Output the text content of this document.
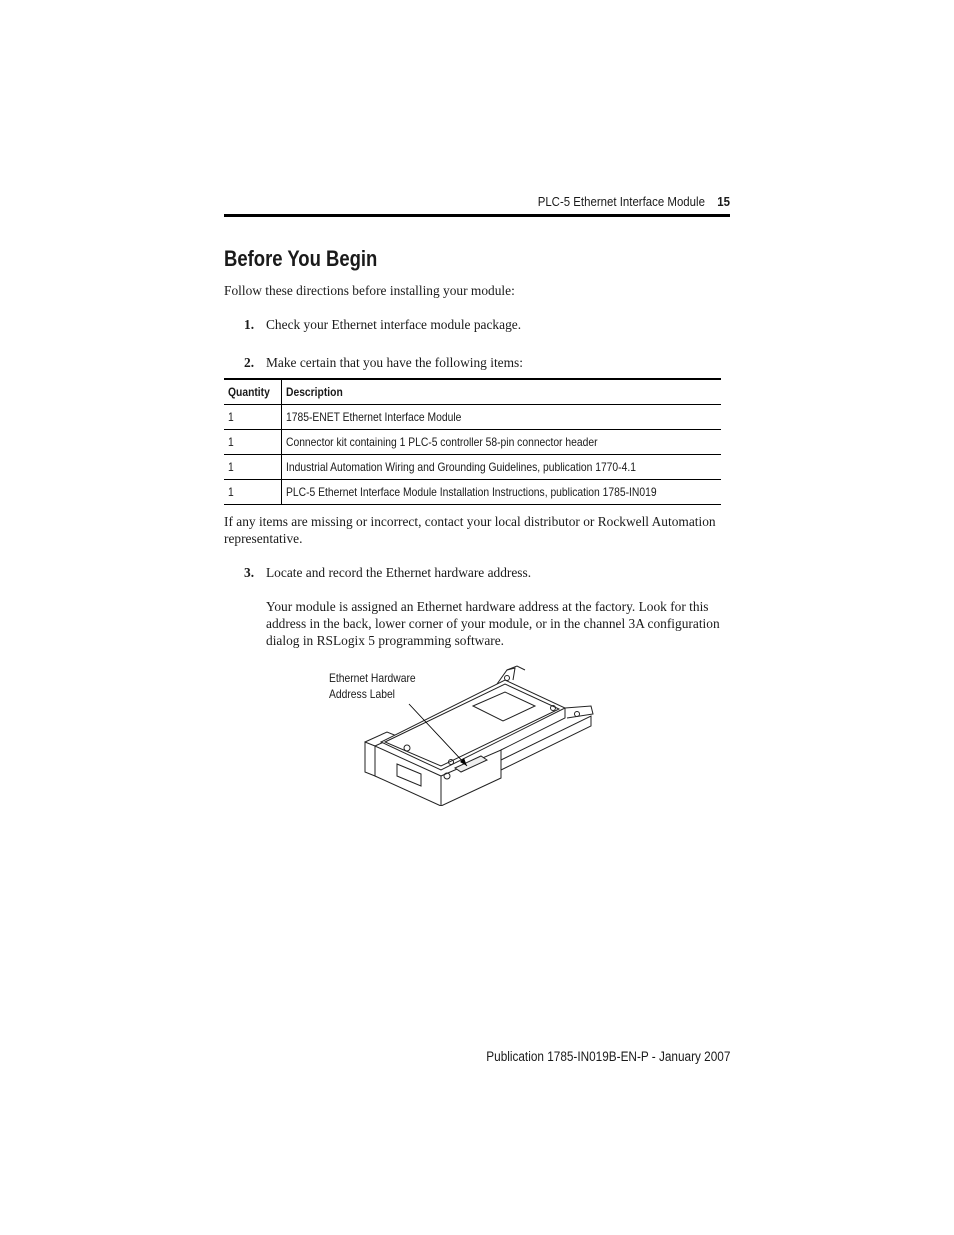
PLC-5 Ethernet Interface Module 15
Before You Begin

Follow these directions before installing your module:

1. Check your Ethernet interface module package.

2. Make certain that you have the following items:

Quantity	Description
1	1785-ENET Ethernet Interface Module
1	Connector kit containing 1 PLC-5 controller 58-pin connector header
1	Industrial Automation Wiring and Grounding Guidelines, publication 1770-4.1
1	PLC-5 Ethernet Interface Module Installation Instructions, publication 1785-IN019

If any items are missing or incorrect, contact your local distributor or Rockwell Automation representative.

3. Locate and record the Ethernet hardware address.

Your module is assigned an Ethernet hardware address at the factory. Look for this address in the back, lower corner of your module, or in the channel 3A configuration dialog in RSLogix 5 programming software.

Ethernet Hardware
Address Label
Publication 1785-IN019B-EN-P - January 2007
